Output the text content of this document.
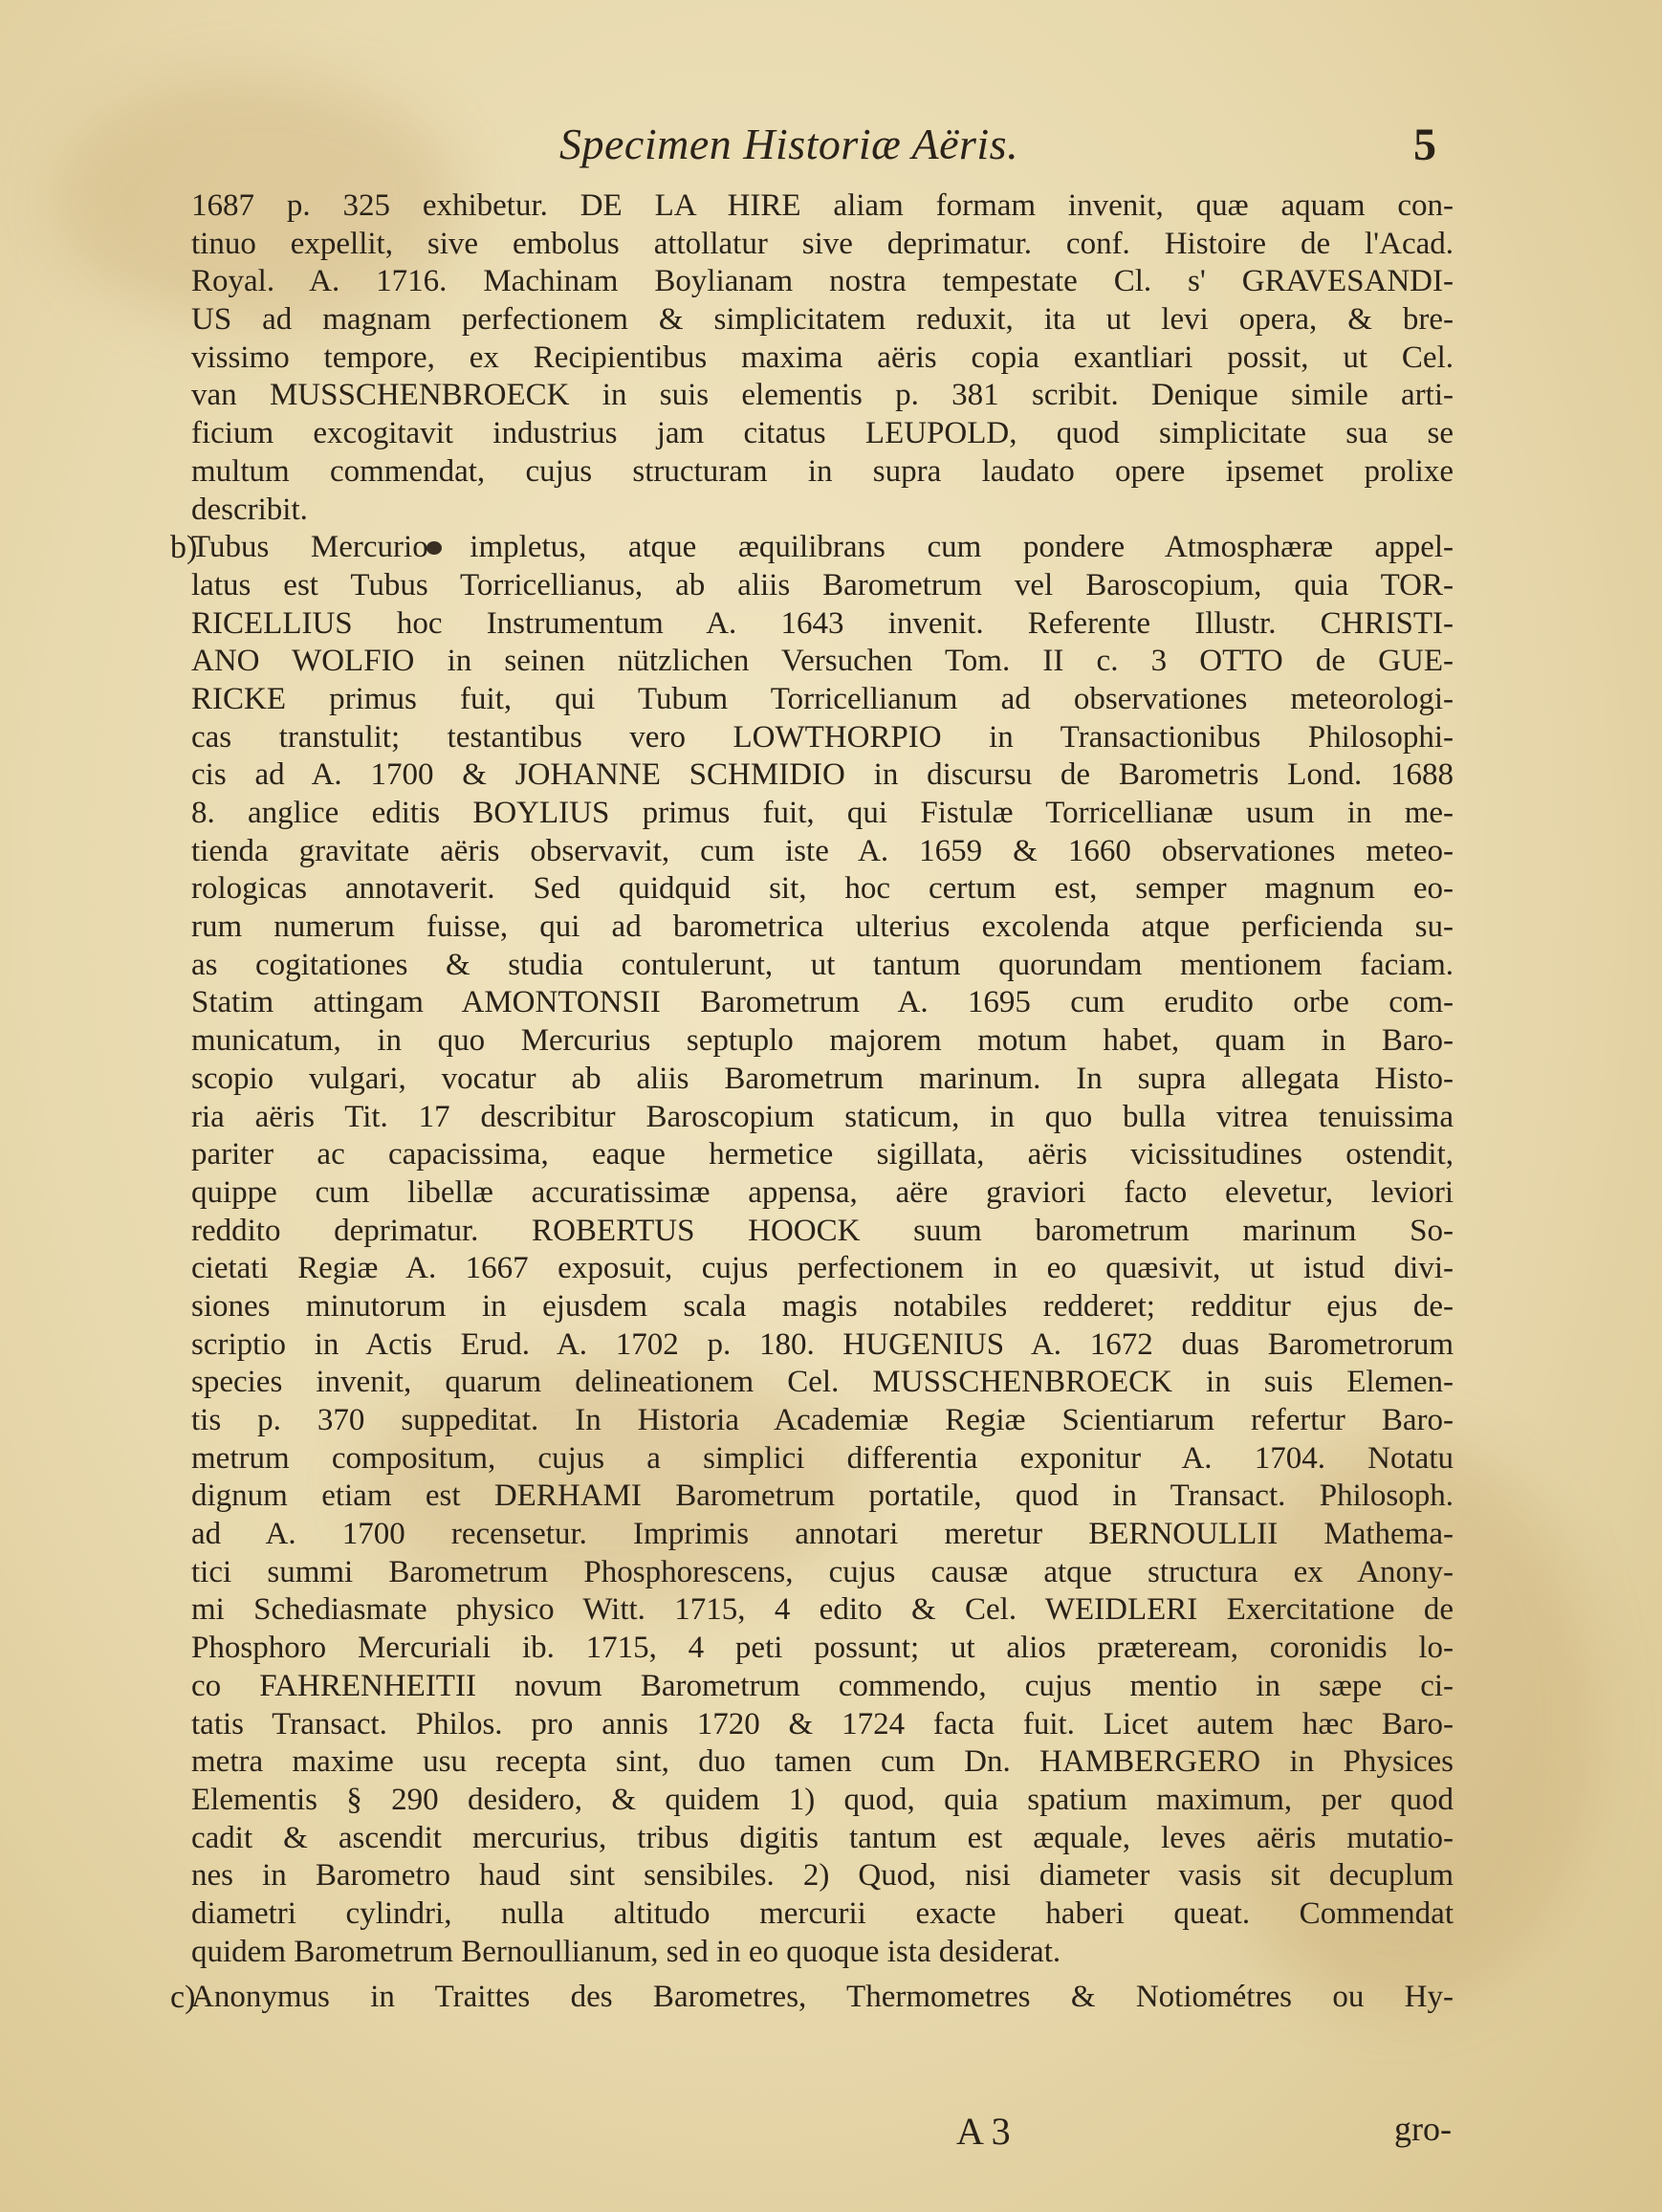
Specimen Historiæ Aëris.	5
1687 p. 325 exhibetur. DE LA HIRE aliam formam invenit, quæ aquam con-
tinuo expellit, sive embolus attollatur sive deprimatur. conf. Histoire de l'Acad.
Royal. A. 1716. Machinam Boylianam nostra tempestate Cl. s' GRAVESANDI-
US ad magnam perfectionem & simplicitatem reduxit, ita ut levi opera, & bre-
vissimo tempore, ex Recipientibus maxima aëris copia exantliari possit, ut Cel.
van MUSSCHENBROECK in suis elementis p. 381 scribit. Denique simile arti-
ficium excogitavit industrius jam citatus LEUPOLD, quod simplicitate sua se
multum commendat, cujus structuram in supra laudato opere ipsemet prolixe
describit.
b)
Tubus Mercurio impletus, atque æquilibrans cum pondere Atmosphæræ appel-
latus est Tubus Torricellianus, ab aliis Barometrum vel Baroscopium, quia TOR-
RICELLIUS hoc Instrumentum A. 1643 invenit. Referente Illustr. CHRISTI-
ANO WOLFIO in seinen nützlichen Versuchen Tom. II c. 3 OTTO de GUE-
RICKE primus fuit, qui Tubum Torricellianum ad observationes meteorologi-
cas transtulit; testantibus vero LOWTHORPIO in Transactionibus Philosophi-
cis ad A. 1700 & JOHANNE SCHMIDIO in discursu de Barometris Lond. 1688
8. anglice editis BOYLIUS primus fuit, qui Fistulæ Torricellianæ usum in me-
tienda gravitate aëris observavit, cum iste A. 1659 & 1660 observationes meteo-
rologicas annotaverit. Sed quidquid sit, hoc certum est, semper magnum eo-
rum numerum fuisse, qui ad barometrica ulterius excolenda atque perficienda su-
as cogitationes & studia contulerunt, ut tantum quorundam mentionem faciam.
Statim attingam AMONTONSII Barometrum A. 1695 cum erudito orbe com-
municatum, in quo Mercurius septuplo majorem motum habet, quam in Baro-
scopio vulgari, vocatur ab aliis Barometrum marinum. In supra allegata Histo-
ria aëris Tit. 17 describitur Baroscopium staticum, in quo bulla vitrea tenuissima
pariter ac capacissima, eaque hermetice sigillata, aëris vicissitudines ostendit,
quippe cum libellæ accuratissimæ appensa, aëre graviori facto elevetur, leviori
reddito deprimatur. ROBERTUS HOOCK suum barometrum marinum So-
cietati Regiæ A. 1667 exposuit, cujus perfectionem in eo quæsivit, ut istud divi-
siones minutorum in ejusdem scala magis notabiles redderet; redditur ejus de-
scriptio in Actis Erud. A. 1702 p. 180. HUGENIUS A. 1672 duas Barometrorum
species invenit, quarum delineationem Cel. MUSSCHENBROECK in suis Elemen-
tis p. 370 suppeditat. In Historia Academiæ Regiæ Scientiarum refertur Baro-
metrum compositum, cujus a simplici differentia exponitur A. 1704. Notatu
dignum etiam est DERHAMI Barometrum portatile, quod in Transact. Philosoph.
ad A. 1700 recensetur. Imprimis annotari meretur BERNOULLII Mathema-
tici summi Barometrum Phosphorescens, cujus causæ atque structura ex Anony-
mi Schediasmate physico Witt. 1715, 4 edito & Cel. WEIDLERI Exercitatione de
Phosphoro Mercuriali ib. 1715, 4 peti possunt; ut alios præteream, coronidis lo-
co FAHRENHEITII novum Barometrum commendo, cujus mentio in sæpe ci-
tatis Transact. Philos. pro annis 1720 & 1724 facta fuit. Licet autem hæc Baro-
metra maxime usu recepta sint, duo tamen cum Dn. HAMBERGERO in Physices
Elementis § 290 desidero, & quidem 1) quod, quia spatium maximum, per quod
cadit & ascendit mercurius, tribus digitis tantum est æquale, leves aëris mutatio-
nes in Barometro haud sint sensibiles. 2) Quod, nisi diameter vasis sit decuplum
diametri cylindri, nulla altitudo mercurii exacte haberi queat. Commendat
quidem Barometrum Bernoullianum, sed in eo quoque ista desiderat.
c)
Anonymus in Traittes des Barometres, Thermometres & Notiométres ou Hy-
A 3	gro-
